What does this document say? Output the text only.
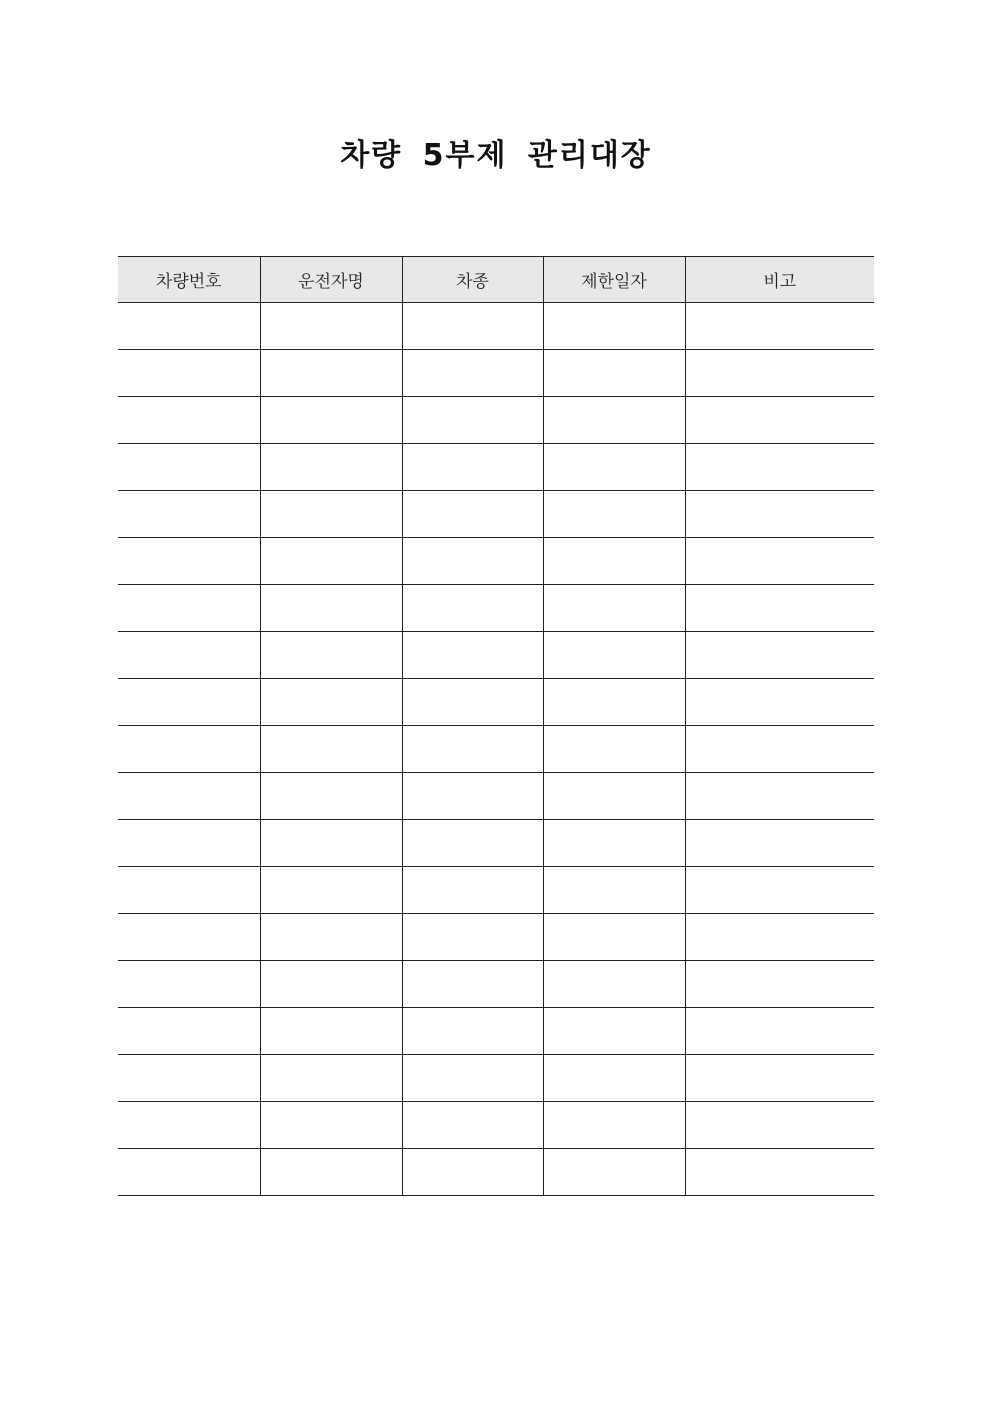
차량 5부제 관리대장
차량번호	운전자명	차종	제한일자	비고
